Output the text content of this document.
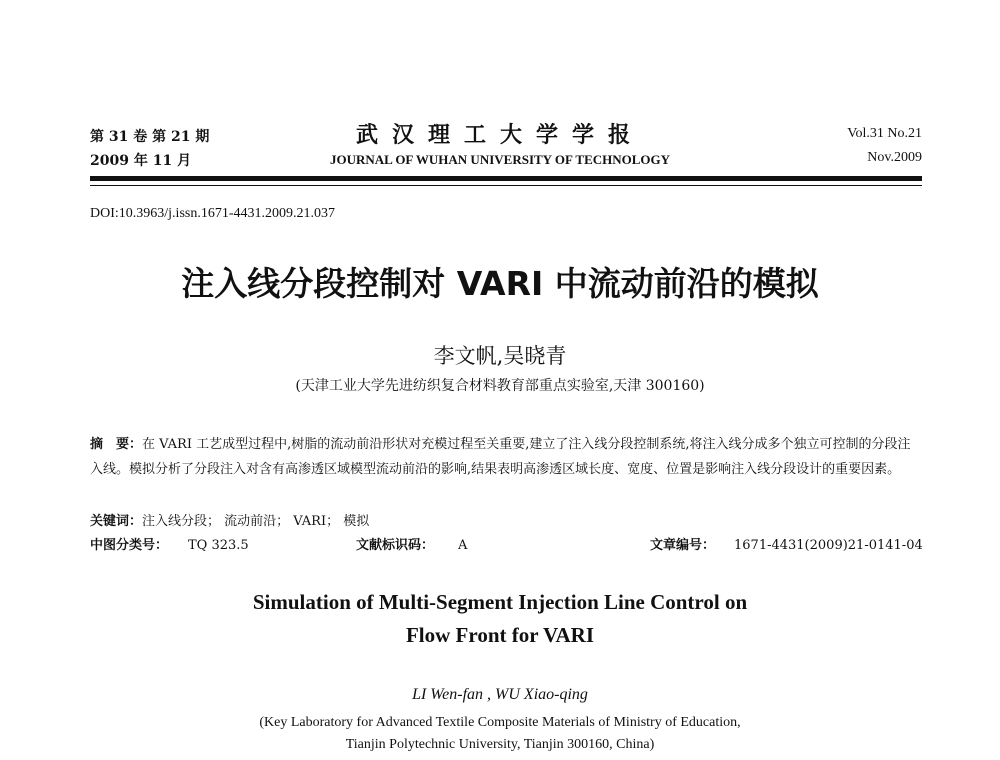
第 31 卷 第 21 期
2009 年 11 月
武汉理工大学学报
JOURNAL OF WUHAN UNIVERSITY OF TECHNOLOGY
Vol.31 No.21
Nov.2009
DOI:10.3963/j.issn.1671-4431.2009.21.037
注入线分段控制对 VARI 中流动前沿的模拟
李文帆,吴晓青
(天津工业大学先进纺织复合材料教育部重点实验室,天津 300160)
摘　要：在 VARI 工艺成型过程中,树脂的流动前沿形状对充模过程至关重要,建立了注入线分段控制系统,将注入线分成多个独立可控制的分段注入线。模拟分析了分段注入对含有高渗透区域模型流动前沿的影响,结果表明高渗透区域长度、宽度、位置是影响注入线分段设计的重要因素。
关键词：注入线分段； 流动前沿； VARI； 模拟
中图分类号： TQ 323.5	文献标识码： A	文章编号： 1671-4431(2009)21-0141-04
Simulation of Multi-Segment Injection Line Control on
Flow Front for VARI
LI Wen-fan , WU Xiao-qing
(Key Laboratory for Advanced Textile Composite Materials of Ministry of Education,
Tianjin Polytechnic University, Tianjin 300160, China)
